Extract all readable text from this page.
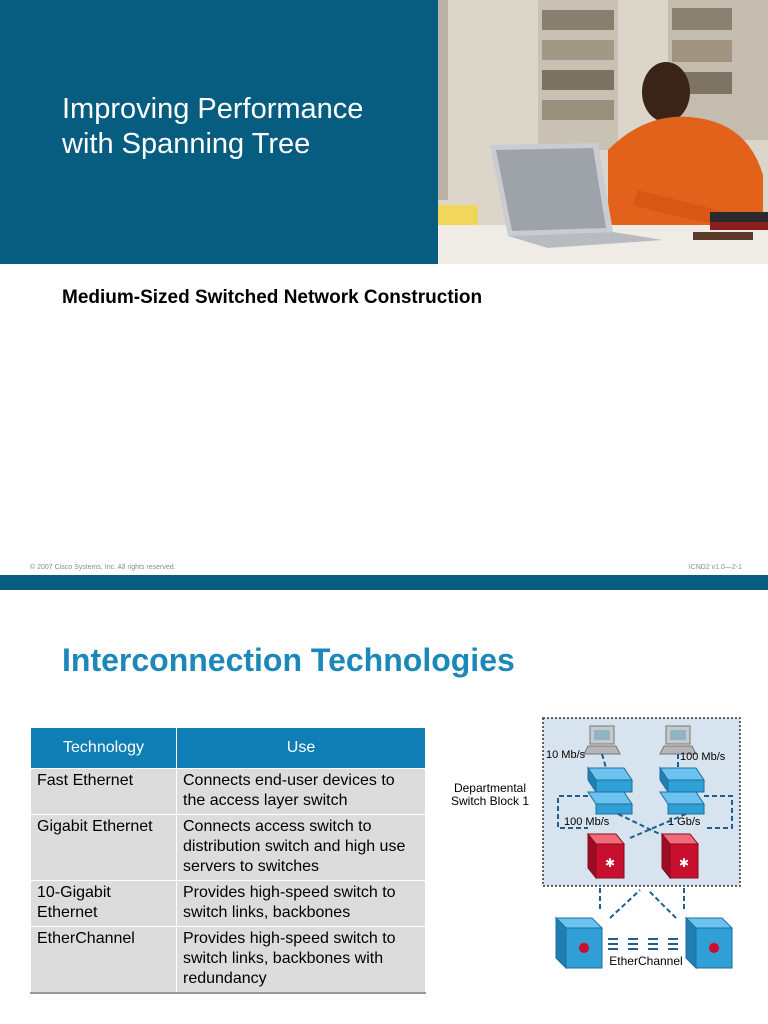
Improving Performance with Spanning Tree

Medium-Sized Switched Network Construction

© 2007 Cisco Systems, Inc. All rights reserved.	ICND2 v1.0—2-1
Interconnection Technologies
Technology	Use
Fast Ethernet	Connects end-user devices to the access layer switch
Gigabit Ethernet	Connects access switch to distribution switch and high use servers to switches
10-Gigabit Ethernet	Provides high-speed switch to switch links, backbones
EtherChannel	Provides high-speed switch to switch links, backbones with redundancy
Departmental
Switch Block 1
10 Mb/s	100 Mb/s
100 Mb/s	1 Gb/s
✱	✱
✳	✳
EtherChannel
